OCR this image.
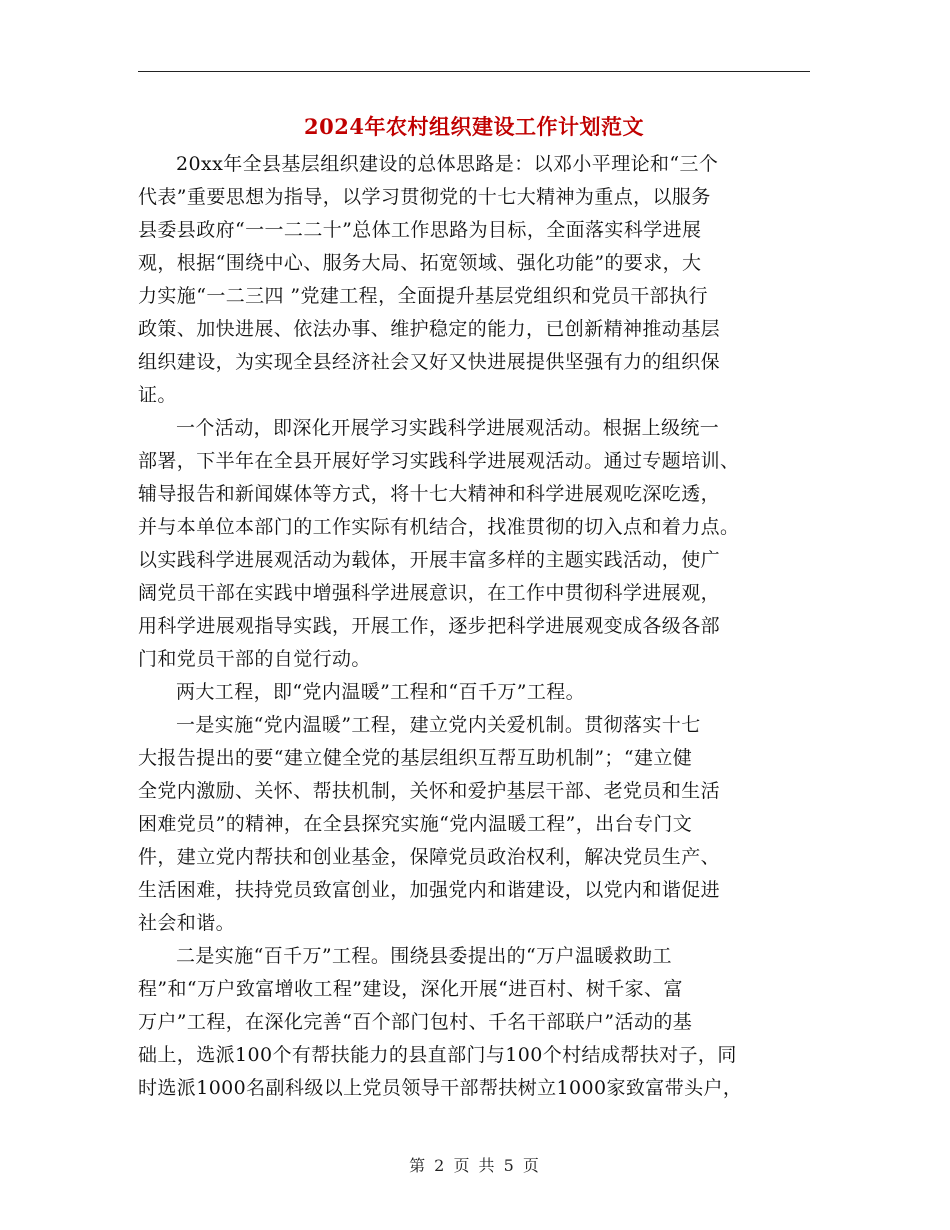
2024年农村组织建设工作计划范文

20xx年全县基层组织建设的总体思路是：以邓小平理论和“三个
代表”重要思想为指导，以学习贯彻党的十七大精神为重点，以服务
县委县政府“一一二二十”总体工作思路为目标，全面落实科学进展
观，根据“围绕中心、服务大局、拓宽领域、强化功能”的要求，大
力实施“一二三四 ”党建工程，全面提升基层党组织和党员干部执行
政策、加快进展、依法办事、维护稳定的能力，已创新精神推动基层
组织建设，为实现全县经济社会又好又快进展提供坚强有力的组织保
证。

一个活动，即深化开展学习实践科学进展观活动。根据上级统一
部署，下半年在全县开展好学习实践科学进展观活动。通过专题培训、
辅导报告和新闻媒体等方式，将十七大精神和科学进展观吃深吃透，
并与本单位本部门的工作实际有机结合，找准贯彻的切入点和着力点。
以实践科学进展观活动为载体，开展丰富多样的主题实践活动，使广
阔党员干部在实践中增强科学进展意识，在工作中贯彻科学进展观，
用科学进展观指导实践，开展工作，逐步把科学进展观变成各级各部
门和党员干部的自觉行动。

两大工程，即“党内温暖”工程和“百千万”工程。

一是实施“党内温暖”工程，建立党内关爱机制。贯彻落实十七
大报告提出的要“建立健全党的基层组织互帮互助机制”；“建立健
全党内激励、关怀、帮扶机制，关怀和爱护基层干部、老党员和生活
困难党员”的精神，在全县探究实施“党内温暖工程”，出台专门文
件，建立党内帮扶和创业基金，保障党员政治权利，解决党员生产、
生活困难，扶持党员致富创业，加强党内和谐建设，以党内和谐促进
社会和谐。

二是实施“百千万”工程。围绕县委提出的“万户温暖救助工
程”和“万户致富增收工程”建设，深化开展“进百村、树千家、富
万户”工程，在深化完善“百个部门包村、千名干部联户”活动的基
础上，选派100个有帮扶能力的县直部门与100个村结成帮扶对子，同
时选派1000名副科级以上党员领导干部帮扶树立1000家致富带头户，

第 2 页 共 5 页
